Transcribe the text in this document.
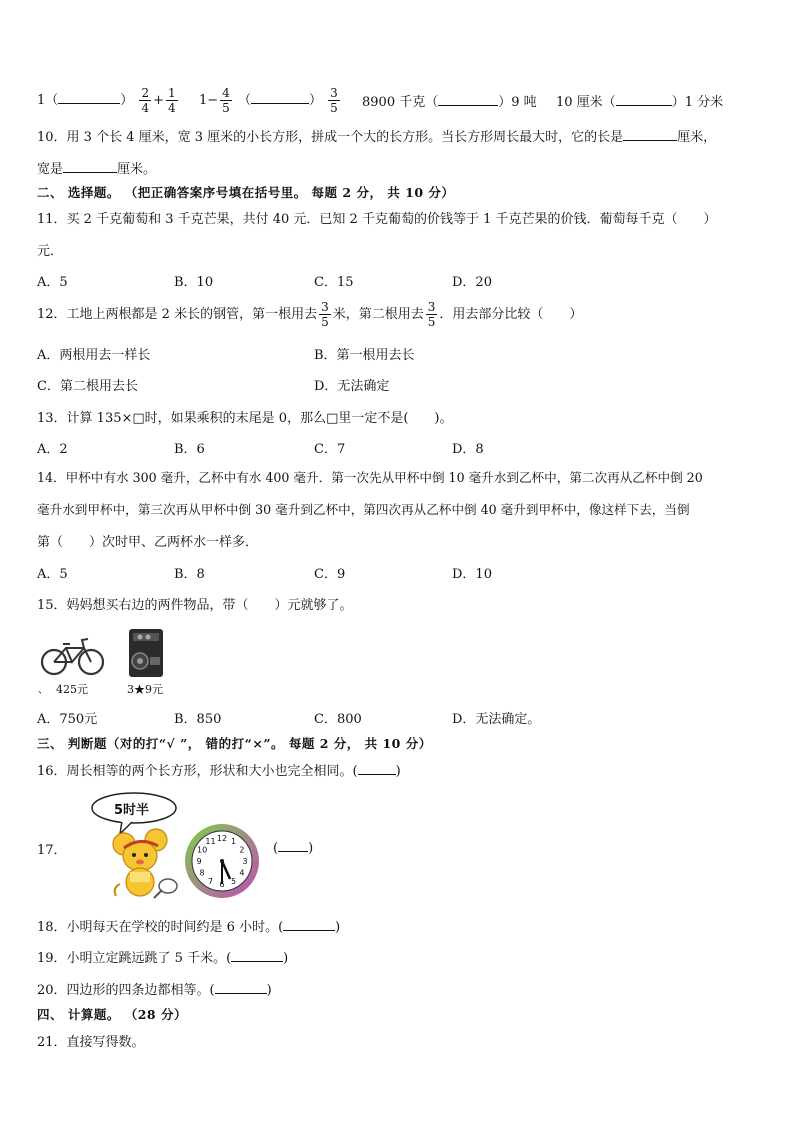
1（	） $\frac{2}{4} + \frac{1}{4} 1- \frac{4}{5}$ （	） $\frac{3}{5} 8900$ 千克（	）9 吨 10 厘米（	）1 分米
10．用 3 个长 4 厘米，宽 3 厘米的小长方形，拼成一个大的长方形。当长方形周长最大时，它的长是	厘米，
宽是	厘米。
二、 选择题。 （把正确答案序号填在括号里。 每题 2 分， 共 10 分）
11．买 2 千克葡萄和 3 千克芒果，共付 40 元．已知 2 千克葡萄的价钱等于 1 千克芒果的价钱．葡萄每千克（　　）
元．
A．5	B．10	C．15	D．20
12．工地上两根都是 2 米长的钢管，第一根用去 $\frac{3}{5}$ 米，第二根用去 $\frac{3}{5}$ ．用去部分比较（　　）
A．两根用去一样长	B．第一根用去长
C．第二根用去长	D．无法确定
13．计算 135×□时，如果乘积的末尾是 0，那么□里一定不是(　　)。
A．2	B．6	C．7	D．8
14．甲杯中有水 300 毫升，乙杯中有水 400 毫升．第一次先从甲杯中倒 10 毫升水到乙杯中，第二次再从乙杯中倒 20
毫升水到甲杯中，第三次再从甲杯中倒 30 毫升到乙杯中，第四次再从乙杯中倒 40 毫升到甲杯中，像这样下去，当倒
第（　　）次时甲、乙两杯水一样多．
A．5	B．8	C．9	D．10
15．妈妈想买右边的两件物品，带（　　）元就够了。
、 425元	3★9元
A．750元	B．850	C．800	D．无法确定。
三、 判断题（对的打“√ ”， 错的打“×”。 每题 2 分， 共 10 分）
16．周长相等的两个长方形，形状和大小也完全相同。(	)
17．
5时半
12 1
2
3
4
5
6
7
8
9
10
11	( )
18．小明每天在学校的时间约是 6 小时。(	)
19．小明立定跳远跳了 5 千米。(	)
20．四边形的四条边都相等。(	)
四、 计算题。 （28 分）
21．直接写得数。
